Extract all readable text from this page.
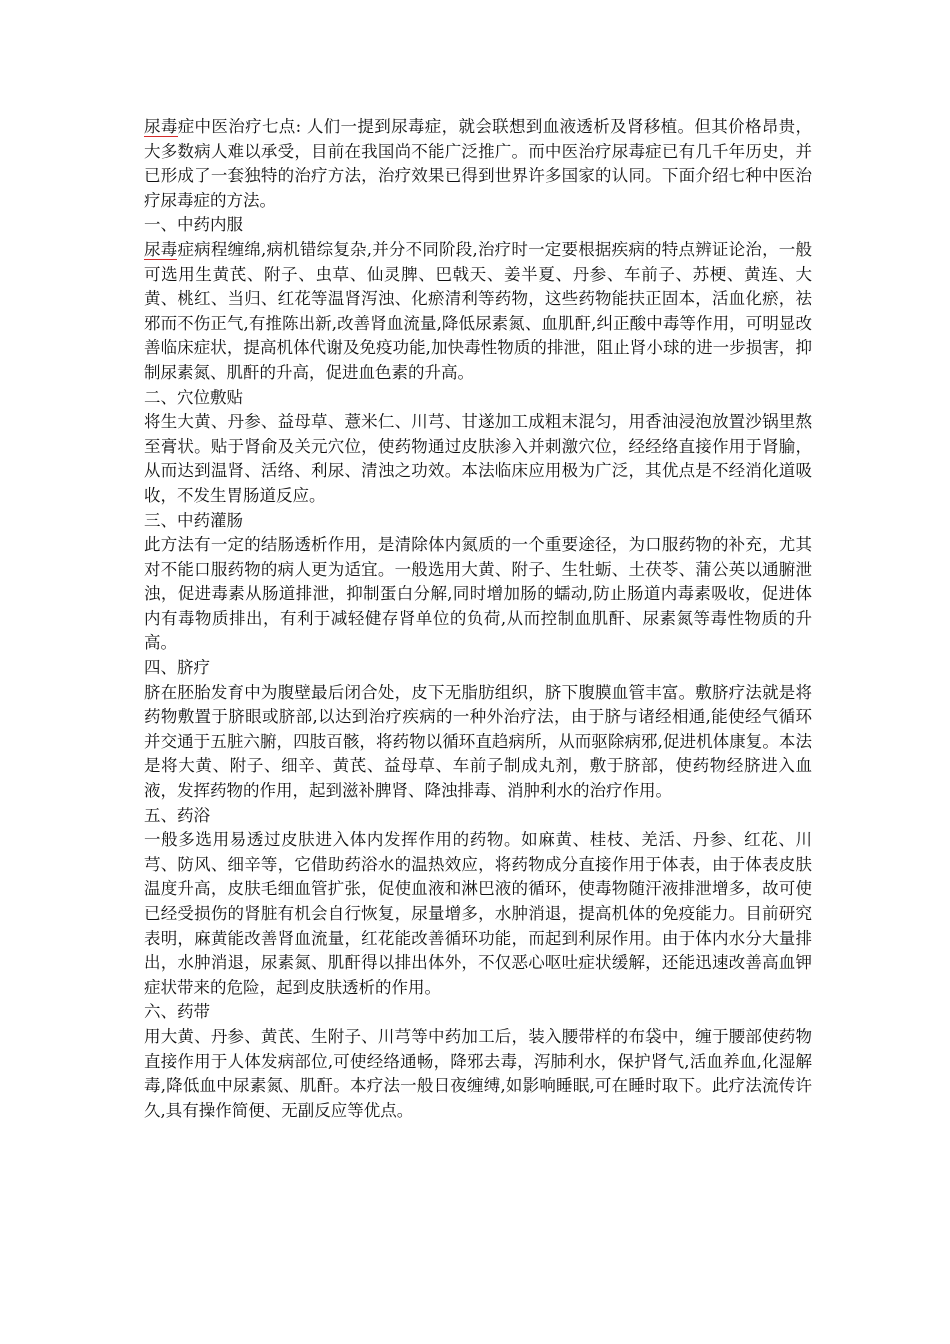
尿毒症中医治疗七点: 人们一提到尿毒症，就会联想到血液透析及肾移植。但其价格昂贵，大多数病人难以承受，目前在我国尚不能广泛推广。而中医治疗尿毒症已有几千年历史，并已形成了一套独特的治疗方法，治疗效果已得到世界许多国家的认同。下面介绍七种中医治疗尿毒症的方法。

一、中药内服

尿毒症病程缠绵,病机错综复杂,并分不同阶段,治疗时一定要根据疾病的特点辨证论治，一般可选用生黄芪、附子、虫草、仙灵脾、巴戟天、姜半夏、丹参、车前子、苏梗、黄连、大黄、桃红、当归、红花等温肾泻浊、化瘀清利等药物，这些药物能扶正固本，活血化瘀，祛邪而不伤正气,有推陈出新,改善肾血流量,降低尿素氮、血肌酐,纠正酸中毒等作用，可明显改善临床症状，提高机体代谢及免疫功能,加快毒性物质的排泄，阻止肾小球的进一步损害，抑制尿素氮、肌酐的升高，促进血色素的升高。

二、穴位敷贴

将生大黄、丹参、益母草、薏米仁、川芎、甘遂加工成粗末混匀，用香油浸泡放置沙锅里熬至膏状。贴于肾俞及关元穴位，使药物通过皮肤渗入并刺激穴位，经经络直接作用于肾腧，从而达到温肾、活络、利尿、清浊之功效。本法临床应用极为广泛，其优点是不经消化道吸收，不发生胃肠道反应。

三、中药灌肠

此方法有一定的结肠透析作用，是清除体内氮质的一个重要途径，为口服药物的补充，尤其对不能口服药物的病人更为适宜。一般选用大黄、附子、生牡蛎、土茯苓、蒲公英以通腑泄浊，促进毒素从肠道排泄，抑制蛋白分解,同时增加肠的蠕动,防止肠道内毒素吸收，促进体内有毒物质排出，有利于减轻健存肾单位的负荷,从而控制血肌酐、尿素氮等毒性物质的升高。

四、脐疗

脐在胚胎发育中为腹壁最后闭合处，皮下无脂肪组织，脐下腹膜血管丰富。敷脐疗法就是将药物敷置于脐眼或脐部,以达到治疗疾病的一种外治疗法，由于脐与诸经相通,能使经气循环并交通于五脏六腑，四肢百骸，将药物以循环直趋病所，从而驱除病邪,促进机体康复。本法是将大黄、附子、细辛、黄芪、益母草、车前子制成丸剂，敷于脐部，使药物经脐进入血液，发挥药物的作用，起到滋补脾肾、降浊排毒、消肿利水的治疗作用。

五、药浴

一般多选用易透过皮肤进入体内发挥作用的药物。如麻黄、桂枝、羌活、丹参、红花、川芎、防风、细辛等，它借助药浴水的温热效应，将药物成分直接作用于体表，由于体表皮肤温度升高，皮肤毛细血管扩张，促使血液和淋巴液的循环，使毒物随汗液排泄增多，故可使已经受损伤的肾脏有机会自行恢复，尿量增多，水肿消退，提高机体的免疫能力。目前研究表明，麻黄能改善肾血流量，红花能改善循环功能，而起到利尿作用。由于体内水分大量排出，水肿消退，尿素氮、肌酐得以排出体外，不仅恶心呕吐症状缓解，还能迅速改善高血钾症状带来的危险，起到皮肤透析的作用。

六、药带

用大黄、丹参、黄芪、生附子、川芎等中药加工后，装入腰带样的布袋中，缠于腰部使药物直接作用于人体发病部位,可使经络通畅，降邪去毒，泻肺利水，保护肾气,活血养血,化湿解毒,降低血中尿素氮、肌酐。本疗法一般日夜缠缚,如影响睡眠,可在睡时取下。此疗法流传许久,具有操作简便、无副反应等优点。
